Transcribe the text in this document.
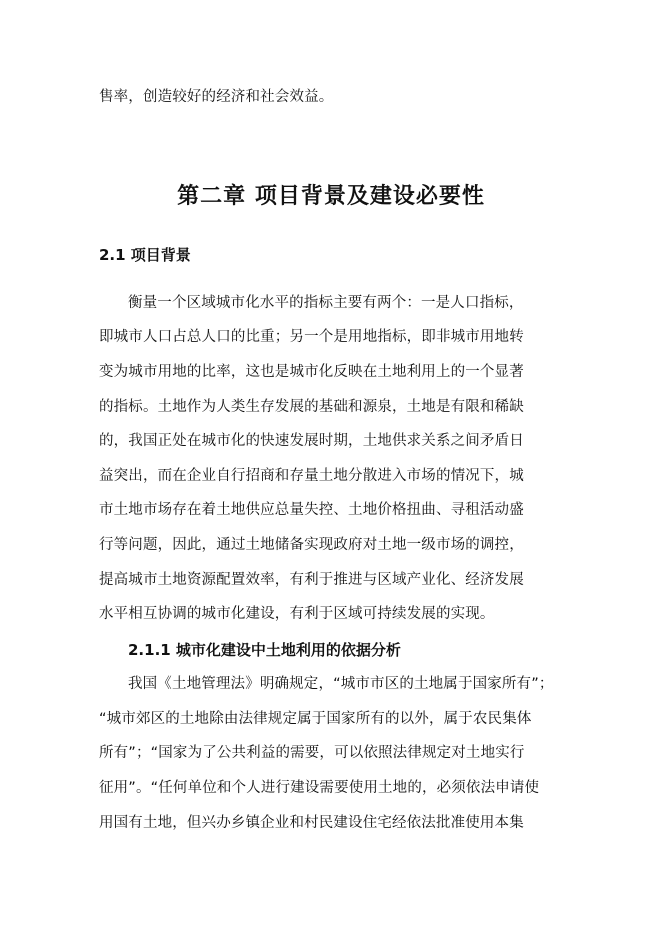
售率，创造较好的经济和社会效益。
第二章 项目背景及建设必要性
2.1 项目背景
衡量一个区域城市化水平的指标主要有两个：一是人口指标，
即城市人口占总人口的比重；另一个是用地指标，即非城市用地转
变为城市用地的比率，这也是城市化反映在土地利用上的一个显著
的指标。土地作为人类生存发展的基础和源泉，土地是有限和稀缺
的，我国正处在城市化的快速发展时期，土地供求关系之间矛盾日
益突出，而在企业自行招商和存量土地分散进入市场的情况下，城
市土地市场存在着土地供应总量失控、土地价格扭曲、寻租活动盛
行等问题，因此，通过土地储备实现政府对土地一级市场的调控，
提高城市土地资源配置效率，有利于推进与区域产业化、经济发展
水平相互协调的城市化建设，有利于区域可持续发展的实现。
2.1.1 城市化建设中土地利用的依据分析
我国《土地管理法》明确规定，“城市市区的土地属于国家所有”；
“城市郊区的土地除由法律规定属于国家所有的以外，属于农民集体
所有”；“国家为了公共利益的需要，可以依照法律规定对土地实行
征用”。“任何单位和个人进行建设需要使用土地的，必须依法申请使
用国有土地，但兴办乡镇企业和村民建设住宅经依法批准使用本集
